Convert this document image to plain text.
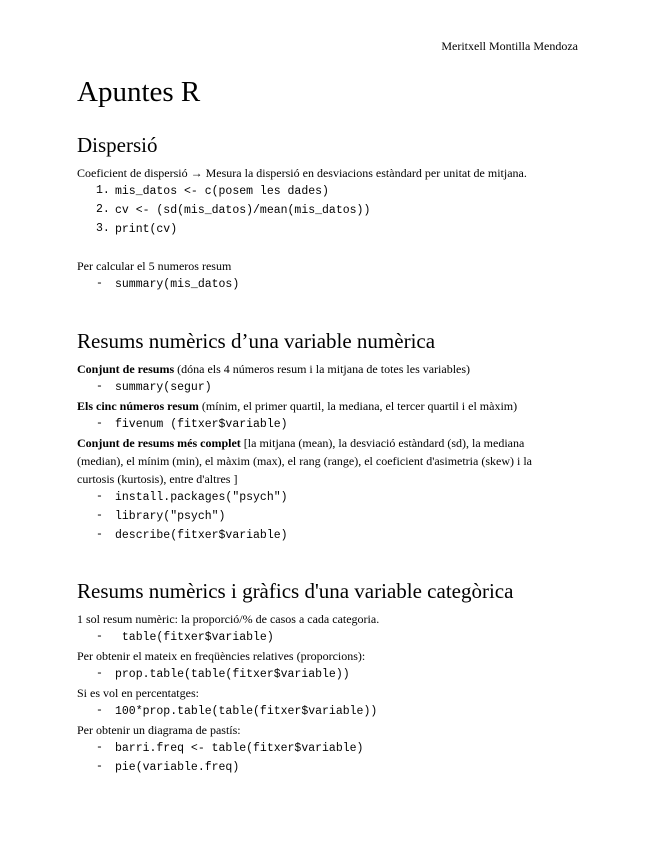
Meritxell Montilla Mendoza
Apuntes R
Dispersió

Coeficient de dispersió → Mesura la dispersió en desviacions estàndard per unitat de mitjana.

1. mis_datos <- c(posem les dades)
2. cv <- (sd(mis_datos)/mean(mis_datos))
3. print(cv)

Per calcular el 5 numeros resum

- summary(mis_datos)
Resums numèrics d’una variable numèrica

Conjunt de resums (dóna els 4 números resum i la mitjana de totes les variables)

- summary(segur)

Els cinc números resum (mínim, el primer quartil, la mediana, el tercer quartil i el màxim)

- fivenum (fitxer$variable)

Conjunt de resums més complet [la mitjana (mean), la desviació estàndard (sd), la mediana

(median), el mínim (min), el màxim (max), el rang (range), el coeficient d'asimetria (skew) i la

curtosis (kurtosis), entre d'altres ]

- install.packages("psych")
- library("psych")
- describe(fitxer$variable)
Resums numèrics i gràfics d'una variable categòrica

1 sol resum numèric: la proporció/% de casos a cada categoria.

- table(fitxer$variable)

Per obtenir el mateix en freqüències relatives (proporcions):

- prop.table(table(fitxer$variable))

Si es vol en percentatges:

- 100*prop.table(table(fitxer$variable))

Per obtenir un diagrama de pastís:

- barri.freq <- table(fitxer$variable)
- pie(variable.freq)
